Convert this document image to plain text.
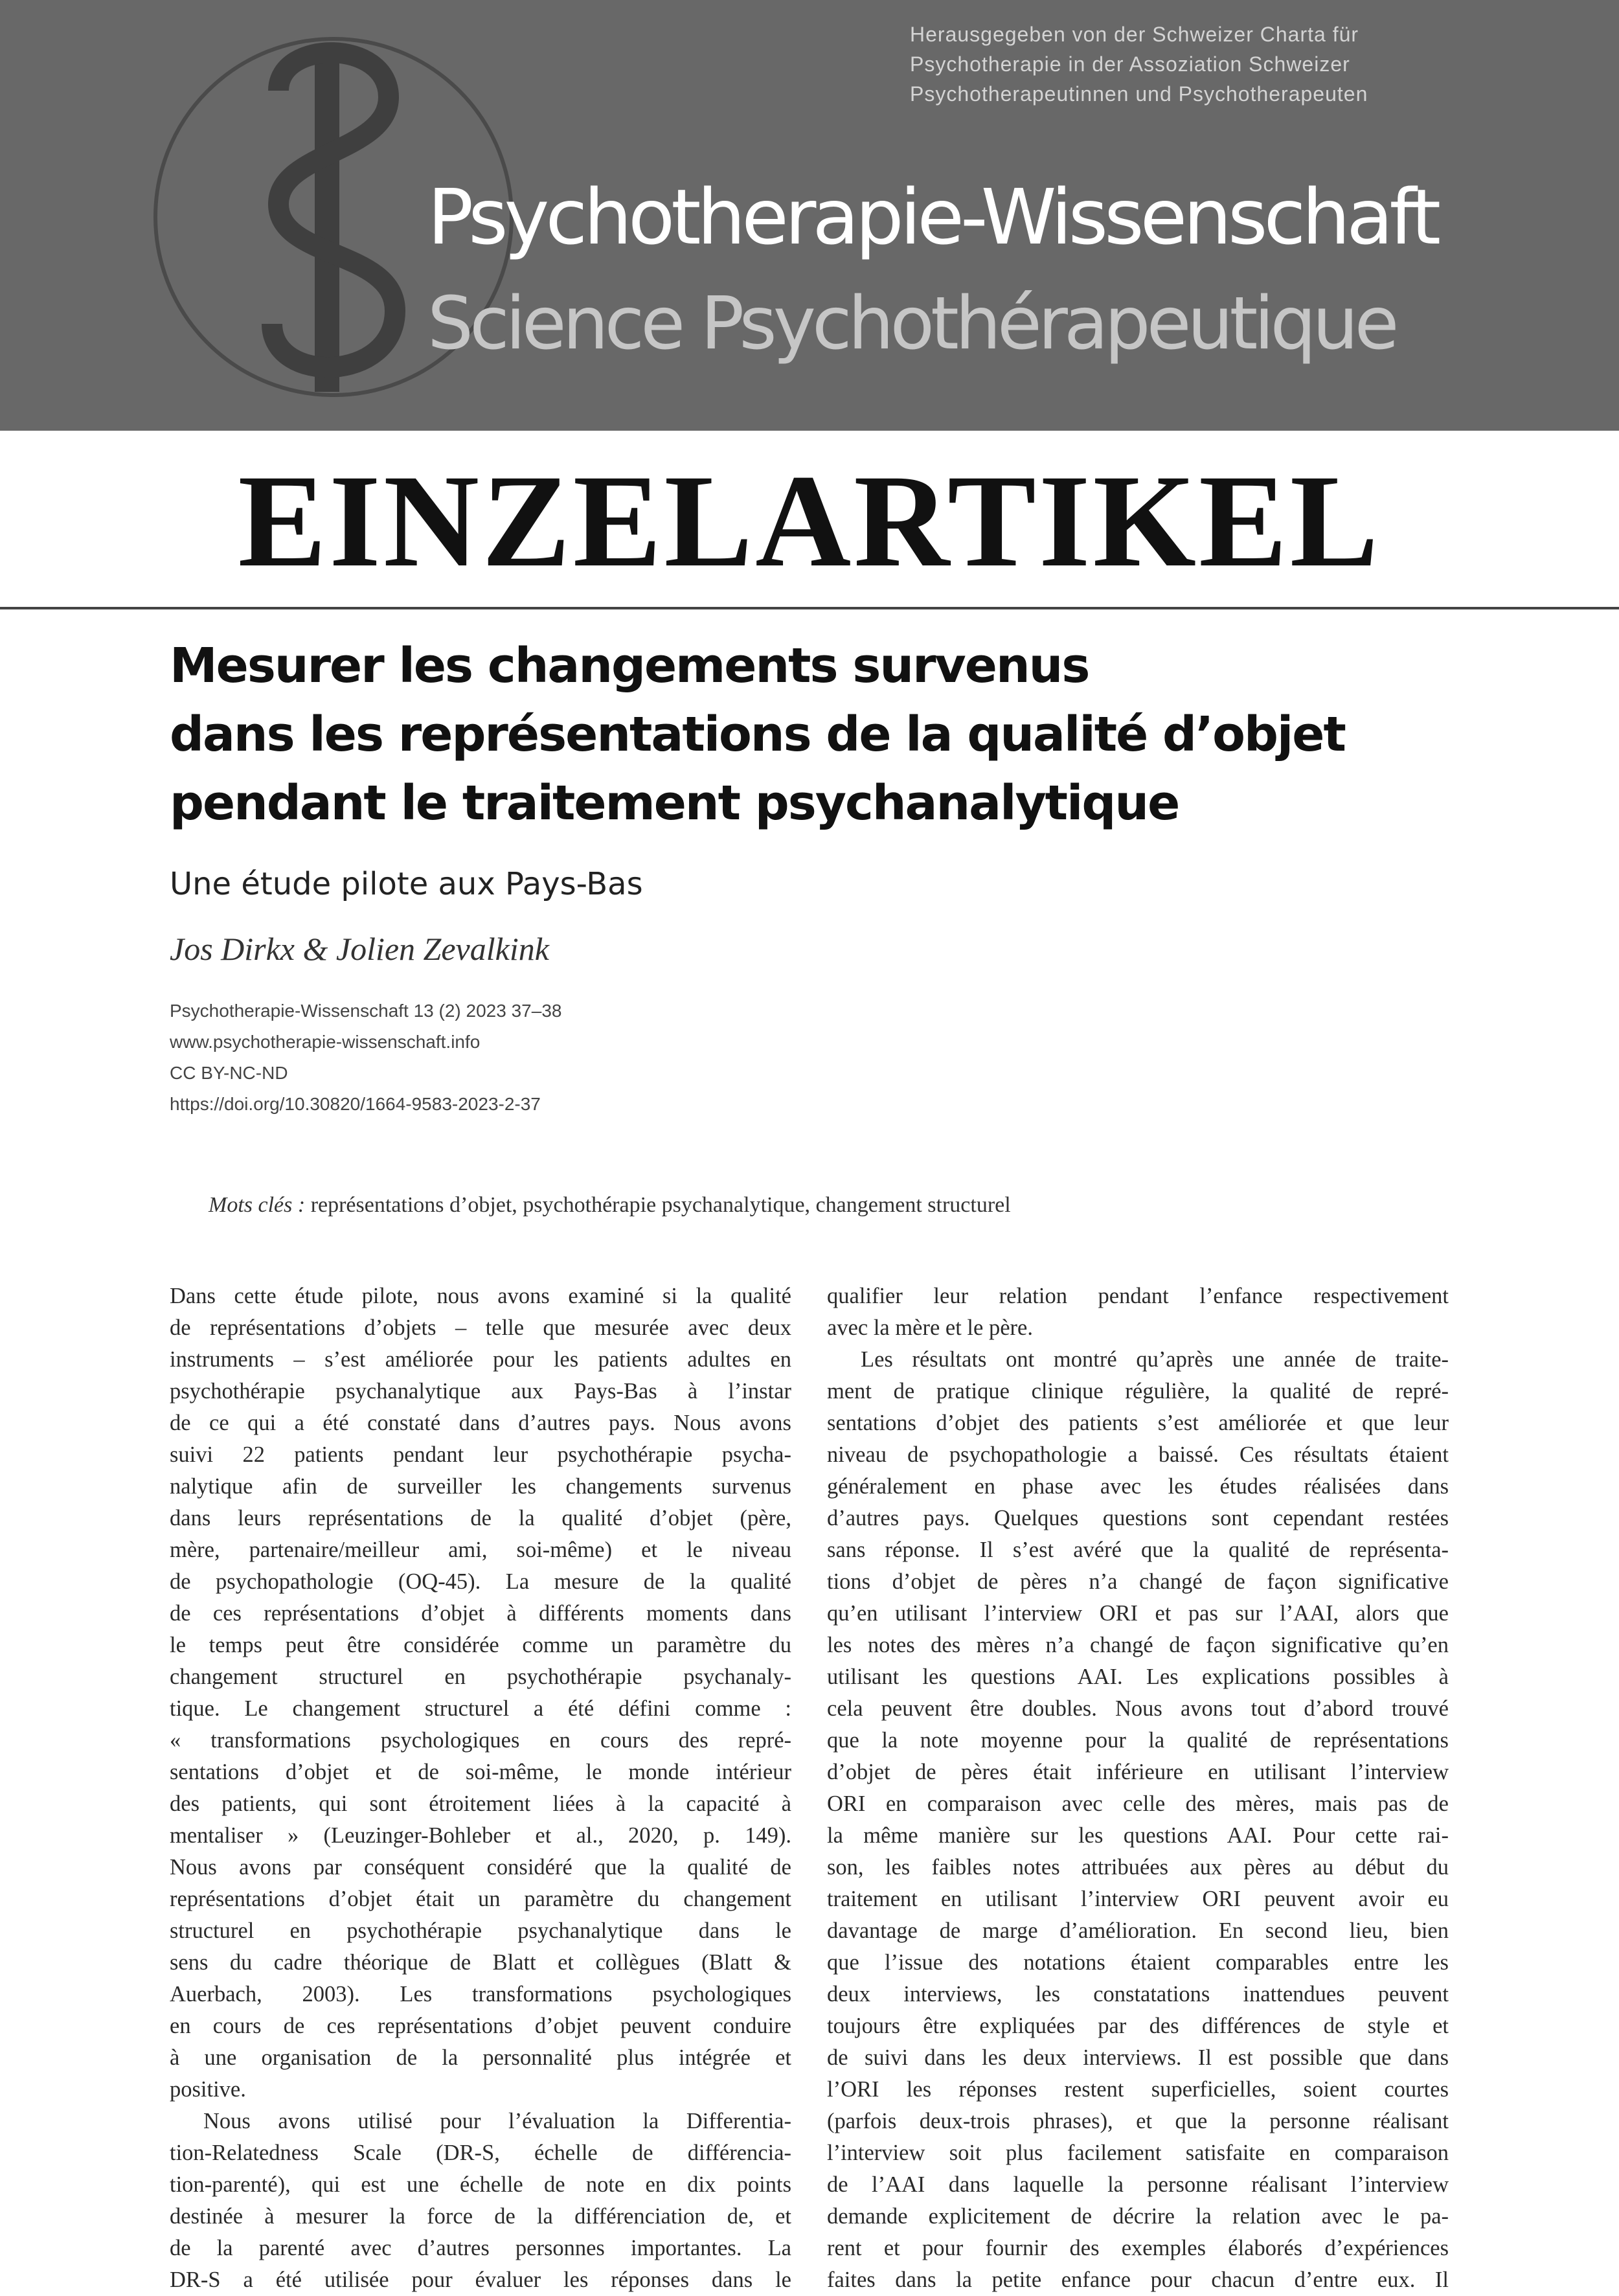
Herausgegeben von der Schweizer Charta für
Psychotherapie in der Assoziation Schweizer
Psychotherapeutinnen und Psychotherapeuten
Psychotherapie-Wissenschaft
Science Psychothérapeutique
EINZELARTIKEL
Mesurer les changements survenus
dans les représentations de la qualité d’objet
pendant le traitement psychanalytique
Une étude pilote aux Pays-Bas
Jos Dirkx & Jolien Zevalkink
Psychotherapie-Wissenschaft 13 (2) 2023 37–38
www.psychotherapie-wissenschaft.info
CC BY-NC-ND
https://doi.org/10.30820/1664-9583-2023-2-37
Mots clés : représentations d’objet, psychothérapie psychanalytique, changement structurel

Dans cette étude pilote, nous avons examiné si la qualité

de représentations d’objets – telle que mesurée avec deux

instruments – s’est améliorée pour les patients adultes en

psychothérapie psychanalytique aux Pays-Bas à l’instar

de ce qui a été constaté dans d’autres pays. Nous avons

suivi 22 patients pendant leur psychothérapie psycha-

nalytique afin de surveiller les changements survenus

dans leurs représentations de la qualité d’objet (père,

mère, partenaire/meilleur ami, soi-même) et le niveau

de psychopathologie (OQ-45). La mesure de la qualité

de ces représentations d’objet à différents moments dans

le temps peut être considérée comme un paramètre du

changement structurel en psychothérapie psychanaly-

tique. Le changement structurel a été défini comme :

« transformations psychologiques en cours des repré-

sentations d’objet et de soi-même, le monde intérieur

des patients, qui sont étroitement liées à la capacité à

mentaliser » (Leuzinger-Bohleber et al., 2020, p. 149).

Nous avons par conséquent considéré que la qualité de

représentations d’objet était un paramètre du changement

structurel en psychothérapie psychanalytique dans le

sens du cadre théorique de Blatt et collègues (Blatt &

Auerbach, 2003). Les transformations psychologiques

en cours de ces représentations d’objet peuvent conduire

à une organisation de la personnalité plus intégrée et

positive.

Nous avons utilisé pour l’évaluation la Differentia-

tion-Relatedness Scale (DR-S, échelle de différencia-

tion-parenté), qui est une échelle de note en dix points

destinée à mesurer la force de la différenciation de, et

de la parenté avec d’autres personnes importantes. La

DR-S a été utilisée pour évaluer les réponses dans le

qualifier leur relation pendant l’enfance respectivement

avec la mère et le père.

Les résultats ont montré qu’après une année de traite-

ment de pratique clinique régulière, la qualité de repré-

sentations d’objet des patients s’est améliorée et que leur

niveau de psychopathologie a baissé. Ces résultats étaient

généralement en phase avec les études réalisées dans

d’autres pays. Quelques questions sont cependant restées

sans réponse. Il s’est avéré que la qualité de représenta-

tions d’objet de pères n’a changé de façon significative

qu’en utilisant l’interview ORI et pas sur l’AAI, alors que

les notes des mères n’a changé de façon significative qu’en

utilisant les questions AAI. Les explications possibles à

cela peuvent être doubles. Nous avons tout d’abord trouvé

que la note moyenne pour la qualité de représentations

d’objet de pères était inférieure en utilisant l’interview

ORI en comparaison avec celle des mères, mais pas de

la même manière sur les questions AAI. Pour cette rai-

son, les faibles notes attribuées aux pères au début du

traitement en utilisant l’interview ORI peuvent avoir eu

davantage de marge d’amélioration. En second lieu, bien

que l’issue des notations étaient comparables entre les

deux interviews, les constatations inattendues peuvent

toujours être expliquées par des différences de style et

de suivi dans les deux interviews. Il est possible que dans

l’ORI les réponses restent superficielles, soient courtes

(parfois deux-trois phrases), et que la personne réalisant

l’interview soit plus facilement satisfaite en comparaison

de l’AAI dans laquelle la personne réalisant l’interview

demande explicitement de décrire la relation avec le pa-

rent et pour fournir des exemples élaborés d’expériences

faites dans la petite enfance pour chacun d’entre eux. Il
